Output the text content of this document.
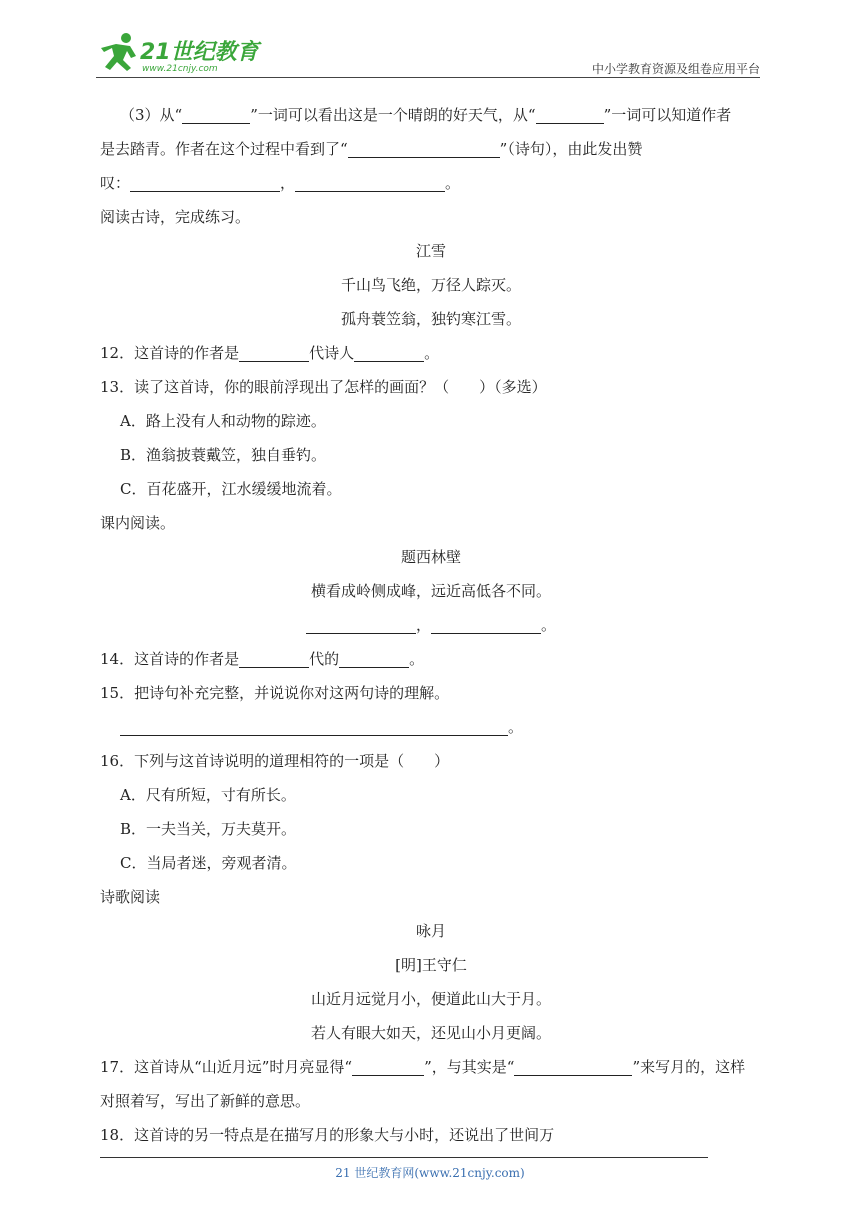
21世纪教育
www.21cnjy.com	中小学教育资源及组卷应用平台
（3）从“	”一词可以看出这是一个晴朗的好天气，从“	”一词可以知道作者
是去踏青。作者在这个过程中看到了“	”（诗句），由此发出赞
叹：	，	。
阅读古诗，完成练习。
江雪
千山鸟飞绝，万径人踪灭。
孤舟蓑笠翁，独钓寒江雪。
12．这首诗的作者是	代诗人	。
13．读了这首诗，你的眼前浮现出了怎样的画面？（　　）（多选）
A．路上没有人和动物的踪迹。
B．渔翁披蓑戴笠，独自垂钓。
C．百花盛开，江水缓缓地流着。
课内阅读。
题西林壁
横看成岭侧成峰，远近高低各不同。
，	。
14．这首诗的作者是	代的	。
15．把诗句补充完整，并说说你对这两句诗的理解。
。
16．下列与这首诗说明的道理相符的一项是（　　）
A．尺有所短，寸有所长。
B．一夫当关，万夫莫开。
C．当局者迷，旁观者清。
诗歌阅读
咏月
[明]王守仁
山近月远觉月小，便道此山大于月。
若人有眼大如天，还见山小月更阔。
17．这首诗从“山近月远”时月亮显得“	”，与其实是“	”来写月的，这样
对照着写，写出了新鲜的意思。
18．这首诗的另一特点是在描写月的形象大与小时，还说出了世间万
21 世纪教育网(www.21cnjy.com)
